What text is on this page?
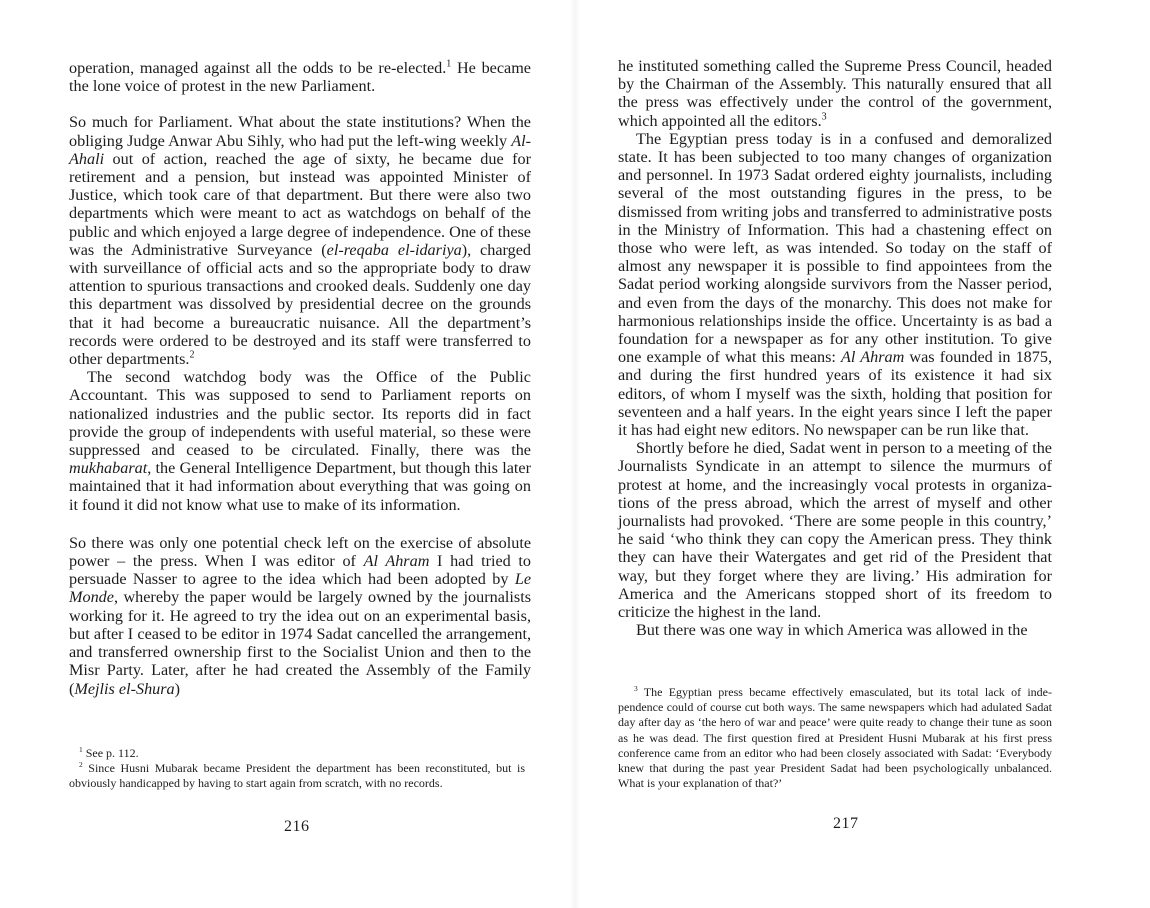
operation, managed against all the odds to be re-elected.$^1$ He became the lone voice of protest in the new Parliament.

So much for Parliament. What about the state institutions? When the obliging Judge Anwar Abu Sihly, who had put the left-wing weekly Al-Ahali out of action, reached the age of sixty, he became due for retirement and a pension, but instead was appointed Minister of Justice, which took care of that department. But there were also two departments which were meant to act as watchdogs on behalf of the public and which enjoyed a large degree of independence. One of these was the Administrative Surveyance (el-reqaba el-idariya), charged with surveillance of official acts and so the appropriate body to draw attention to spurious transactions and crooked deals. Suddenly one day this department was dissolved by presidential decree on the grounds that it had become a bureaucratic nuisance. All the department’s records were ordered to be destroyed and its staff were transferred to other departments.$^2$

The second watchdog body was the Office of the Public Accountant. This was supposed to send to Parliament reports on nationalized industries and the public sector. Its reports did in fact provide the group of independents with useful material, so these were suppressed and ceased to be circulated. Finally, there was the mukhabarat, the General Intelligence Department, but though this later maintained that it had information about everything that was going on it found it did not know what use to make of its information.

So there was only one potential check left on the exercise of absolute power – the press. When I was editor of Al Ahram I had tried to persuade Nasser to agree to the idea which had been adopted by Le Monde, whereby the paper would be largely owned by the journalists working for it. He agreed to try the idea out on an experimental basis, but after I ceased to be editor in 1974 Sadat cancelled the arrangement, and transferred ownership first to the Socialist Union and then to the Misr Party. Later, after he had created the Assembly of the Family (Mejlis el-Shura)

$^1$ See p. 112.

$^2$ Since Husni Mubarak became President the department has been reconstituted, but is obviously handicapped by having to start again from scratch, with no records.

216

he instituted something called the Supreme Press Council, headed by the Chairman of the Assembly. This naturally ensured that all the press was effectively under the control of the government, which appointed all the editors.$^3$

The Egyptian press today is in a confused and demoralized state. It has been subjected to too many changes of organization and personnel. In 1973 Sadat ordered eighty journalists, including several of the most outstanding figures in the press, to be dismissed from writing jobs and transferred to administrative posts in the Ministry of Information. This had a chastening effect on those who were left, as was intended. So today on the staff of almost any newspaper it is possible to find appointees from the Sadat period working alongside survivors from the Nasser period, and even from the days of the monarchy. This does not make for harmonious relationships inside the office. Uncertainty is as bad a foundation for a newspaper as for any other institution. To give one example of what this means: Al Ahram was founded in 1875, and during the first hundred years of its existence it had six editors, of whom I myself was the sixth, holding that position for seventeen and a half years. In the eight years since I left the paper it has had eight new editors. No newspaper can be run like that.

Shortly before he died, Sadat went in person to a meeting of the Journalists Syndicate in an attempt to silence the murmurs of protest at home, and the increasingly vocal protests in organizations of the press abroad, which the arrest of myself and other journalists had provoked. ‘There are some people in this country,’ he said ‘who think they can copy the American press. They think they can have their Watergates and get rid of the President that way, but they forget where they are living.’ His admiration for America and the Americans stopped short of its freedom to criticize the highest in the land.

But there was one way in which America was allowed in the

$^3$ The Egyptian press became effectively emasculated, but its total lack of independence could of course cut both ways. The same newspapers which had adulated Sadat day after day as ‘the hero of war and peace’ were quite ready to change their tune as soon as he was dead. The first question fired at President Husni Mubarak at his first press conference came from an editor who had been closely associated with Sadat: ‘Everybody knew that during the past year President Sadat had been psychologically unbalanced. What is your explanation of that?’

217
